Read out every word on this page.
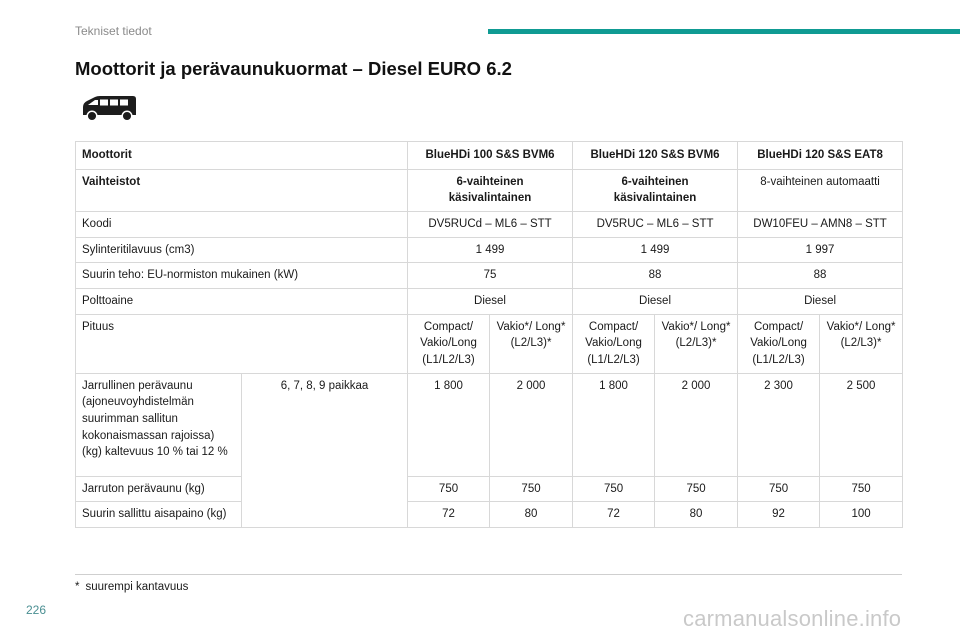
Tekniset tiedot
Moottorit ja perävaunukuormat – Diesel EURO 6.2
Moottorit		BlueHDi 100 S&S BVM6		BlueHDi 120 S&S BVM6		BlueHDi 120 S&S EAT8	
Vaihteistot		6-vaihteinen käsivalintainen		6-vaihteinen käsivalintainen		8-vaihteinen automaatti	
Koodi		DV5RUCd – ML6 – STT		DV5RUC – ML6 – STT		DW10FEU – AMN8 – STT	
Sylinteritilavuus (cm3)		1 499		1 499		1 997	
Suurin teho: EU-normiston mukainen (kW)		75		88		88	
Polttoaine		Diesel		Diesel		Diesel	
Pituus		Compact/ Vakio/Long (L1/L2/L3)	Vakio*/ Long* (L2/L3)*	Compact/ Vakio/Long (L1/L2/L3)	Vakio*/ Long* (L2/L3)*	Compact/ Vakio/Long (L1/L2/L3)	Vakio*/ Long* (L2/L3)*
Jarrullinen perävaunu (ajoneuvoyhdistelmän suurimman sallitun kokonaismassan rajoissa) (kg) kaltevuus 10 % tai 12 %	6, 7, 8, 9 paikkaa	1 800	2 000	1 800	2 000	2 300	2 500
Jarruton perävaunu (kg)		750	750	750	750	750	750
Suurin sallittu aisapaino (kg)		72	80	72	80	92	100
* suurempi kantavuus
226	carmanualsonline.info
